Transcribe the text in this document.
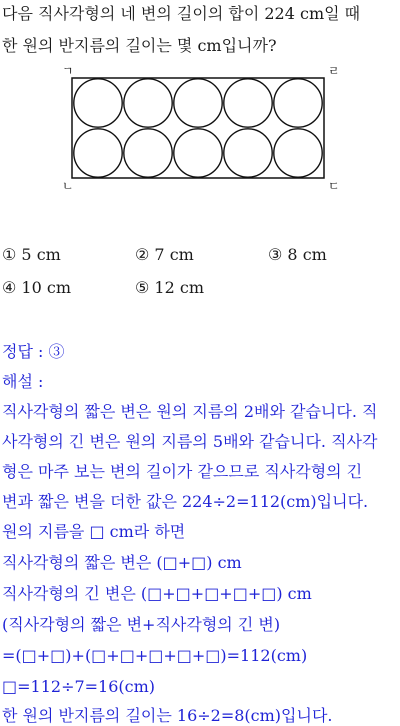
다음 직사각형의 네 변의 길이의 합이 224 cm일 때
한 원의 반지름의 길이는 몇 cm입니까?
ㄱ	ㄹ
ㄴ	ㄷ
① 5 cm	② 7 cm	③ 8 cm
④ 10 cm	⑤ 12 cm
정답 : ③
해설 :
직사각형의 짧은 변은 원의 지름의 2배와 같습니다. 직
사각형의 긴 변은 원의 지름의 5배와 같습니다. 직사각
형은 마주 보는 변의 길이가 같으므로 직사각형의 긴
변과 짧은 변을 더한 값은 224÷2=112(cm)입니다.
원의 지름을 □ cm라 하면
직사각형의 짧은 변은 (□+□) cm
직사각형의 긴 변은 (□+□+□+□+□) cm
(직사각형의 짧은 변+직사각형의 긴 변)
=(□+□)+(□+□+□+□+□)=112(cm)
□=112÷7=16(cm)
한 원의 반지름의 길이는 16÷2=8(cm)입니다.
